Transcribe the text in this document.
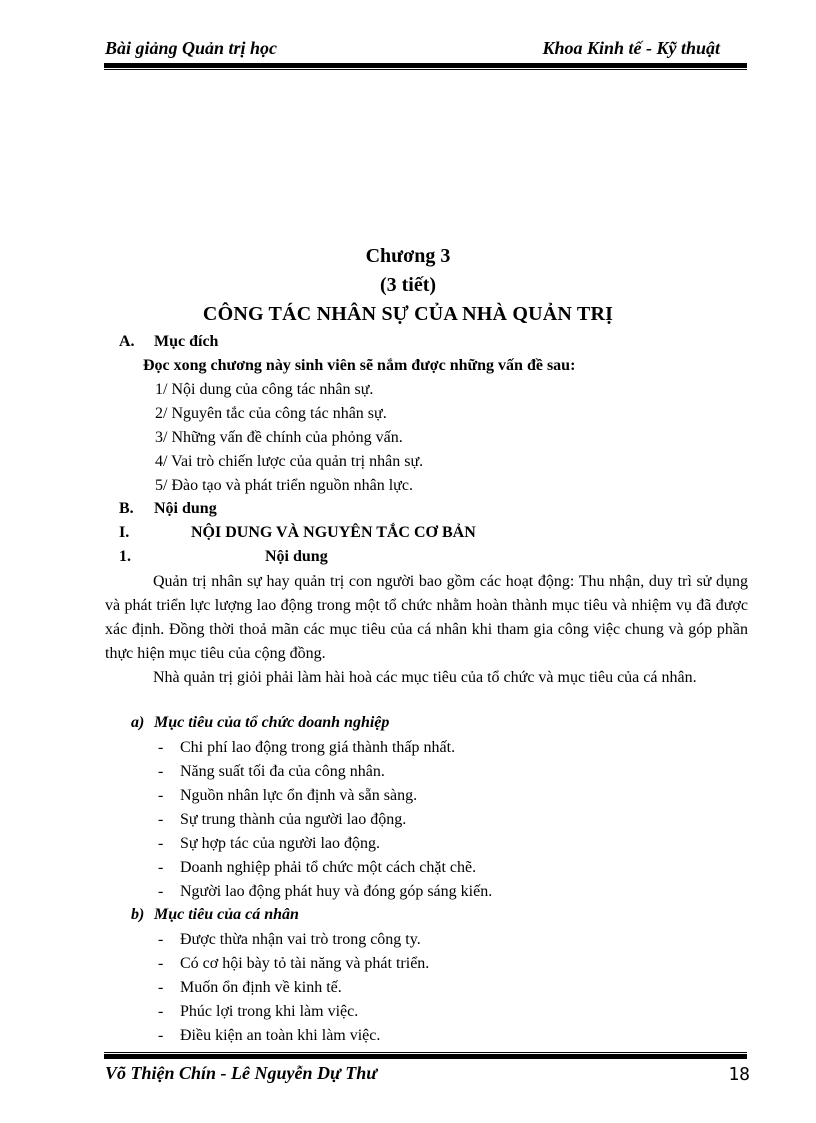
Bài giảng Quản trị học	Khoa Kinh tế - Kỹ thuật
Chương 3
(3 tiết)
CÔNG TÁC NHÂN SỰ CỦA NHÀ QUẢN TRỊ
A. Mục đích
Đọc xong chương này sinh viên sẽ nắm được những vấn đề sau:
1/ Nội dung của công tác nhân sự.
2/ Nguyên tắc của công tác nhân sự.
3/ Những vấn đề chính của phỏng vấn.
4/ Vai trò chiến lược của quản trị nhân sự.
5/ Đào tạo và phát triển nguồn nhân lực.
B. Nội dung
I.	NỘI DUNG VÀ NGUYÊN TẮC CƠ BẢN
1.	Nội dung

Quản trị nhân sự hay quản trị con người bao gồm các hoạt động: Thu nhận, duy trì sử dụng và phát triển lực lượng lao động trong một tổ chức nhằm hoàn thành mục tiêu và nhiệm vụ đã được xác định. Đồng thời thoả mãn các mục tiêu của cá nhân khi tham gia công việc chung và góp phần thực hiện mục tiêu của cộng đồng.

Nhà quản trị giỏi phải làm hài hoà các mục tiêu của tổ chức và mục tiêu của cá nhân.

a) Mục tiêu của tổ chức doanh nghiệp
- Chi phí lao động trong giá thành thấp nhất.
- Năng suất tối đa của công nhân.
- Nguồn nhân lực ổn định và sẵn sàng.
- Sự trung thành của người lao động.
- Sự hợp tác của người lao động.
- Doanh nghiệp phải tổ chức một cách chặt chẽ.
- Người lao động phát huy và đóng góp sáng kiến.
b) Mục tiêu của cá nhân
- Được thừa nhận vai trò trong công ty.
- Có cơ hội bày tỏ tài năng và phát triển.
- Muốn ổn định về kinh tế.
- Phúc lợi trong khi làm việc.
- Điều kiện an toàn khi làm việc.
Võ Thiện Chín - Lê Nguyễn Dự Thư	18
